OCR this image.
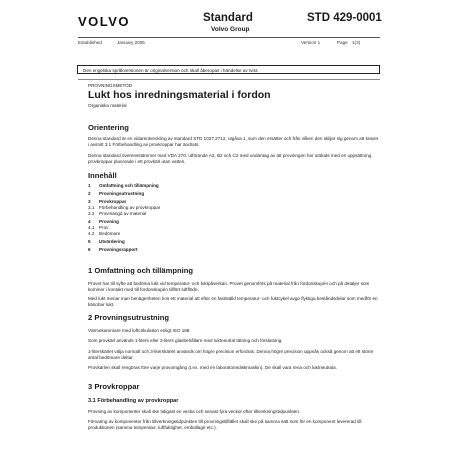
VOLVO	Standard
Volvo Group
STD 429-0001
Established	January 2005	Version 1	Page 1(3)
Den engelska språkversionen är originalversion och skall åberopas i händelse av tvist.
PROVNINGSMETOD
Lukt hos inredningsmaterial i fordon
Organiska material
Orientering
Denna standard är en vidareutveckling av standard STD 1027,2712, utgåva 1, som den ersätter och från vilken den skiljer sig genom att kravet i avsnitt 3.1 Förbehandling av provkroppar har ändrats.
Denna standard överensstämmer med VDA 270, utförande A2, B2 och C2 med undantag av att provningen har utökats med en uppsättning provkroppar placerade i ett provkärl utan vatten.
Innehåll
1 Omfattning och tillämpning
2 Provningsutrustning
3 Provkroppar
3.1 Förbehandling av provkroppar
3.2 Provmängd av material
4 Provning
4.1 Prov
4.2 Bedömare
5 Utvärdering
6 Provningsrapport
1 Omfattning och tillämpning
Provet har till syfte att bedöma lukt vid temperatur- och fuktpåverkan. Provet genomförs på material från fordonskupén och på detaljer som kommer i kontakt med till fordonskupén tillfört luftflöde.
Med lukt menar man benägenheten hos ett material att efter en fastställd temperatur- och fuktcykel avge flyktiga beståndsdelar som medför en kännbar lukt.
2 Provningsutrustning
Värmekammare med luftcirkulation enligt ISO 188.
Som provkärl används 1-liters eller 3-liters glasbehållare med luktneutral tätning och förslutning.
1-literskärlet välja normalt och 3-literskärlet används om högre precision erfordras. Denna högre precision uppnås också genom att ett större antal bedömare deltar.
Provkärlen skall rengöras före varje provomgång (t.ex. med en laboratoriediskmaskin). De skall vara rena och luktneutrala.
3 Provkroppar
3.1 Förbehandling av provkroppar
Provning av komponenter skall ske tidigast en vecka och senast fyra veckor efter tillverkningstidpunkten.
Förvaring av komponenter från tillverkningstidpunkten till provningstillfället skall ske på samma sätt som för en komponent levererad till produktionen (samma temperatur, luftfuktighet, emballage etc.).
